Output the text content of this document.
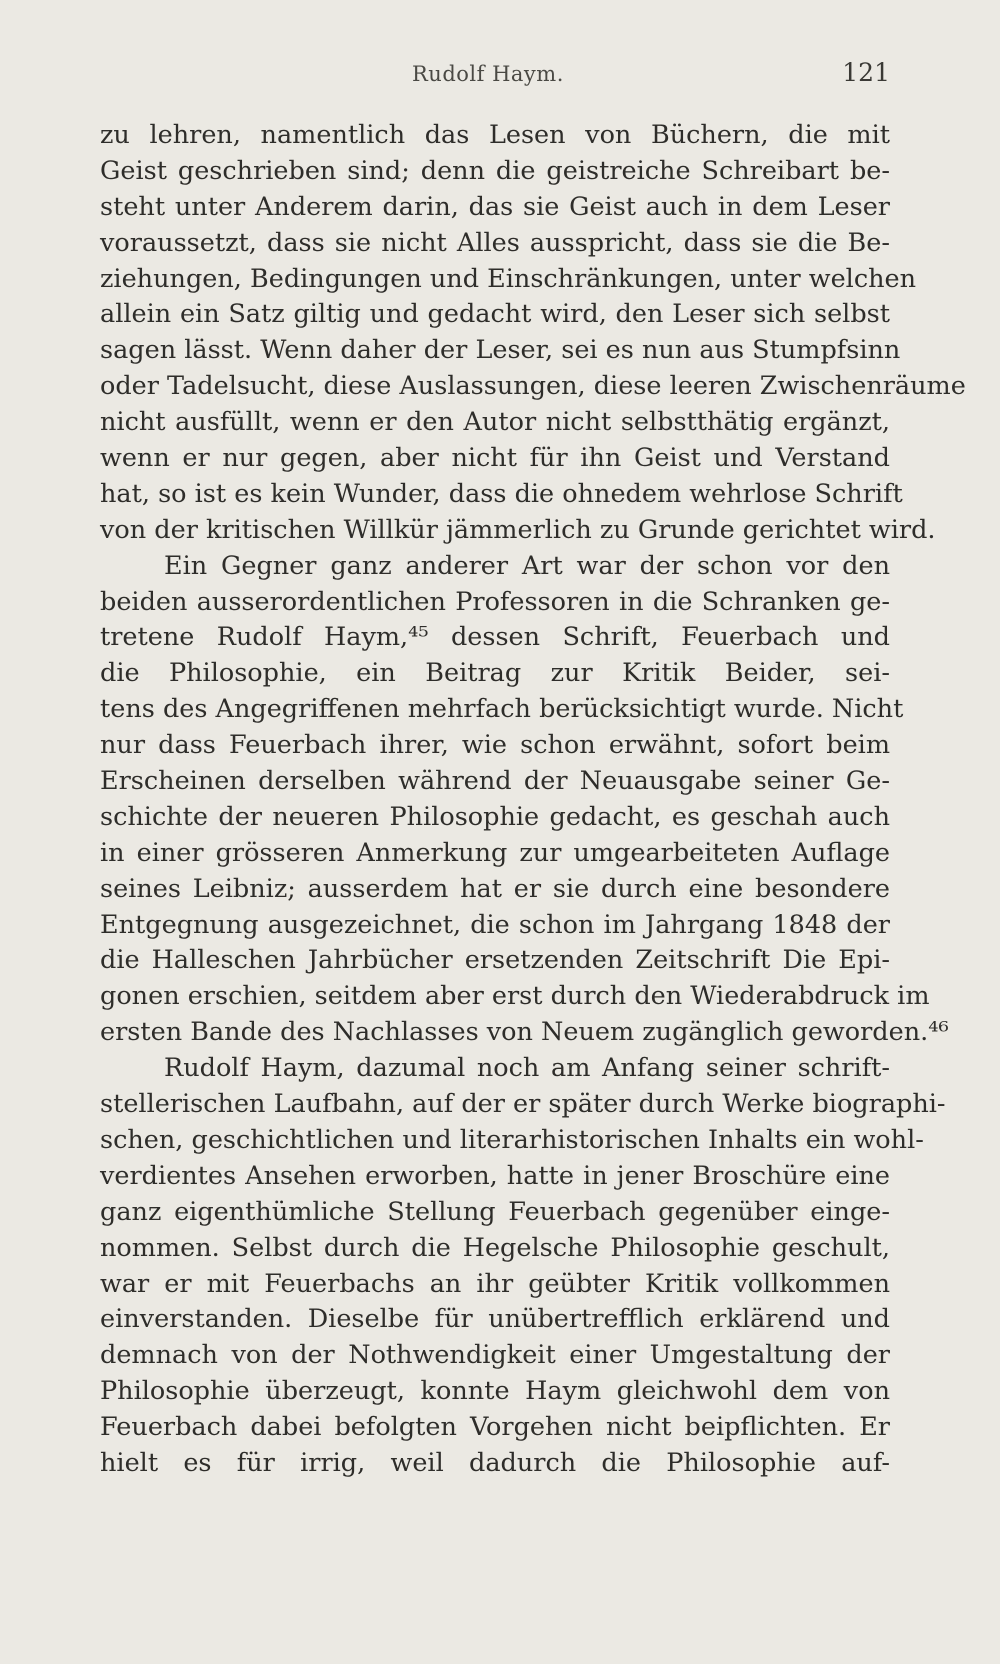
Rudolf Haym.	121
zu lehren, namentlich das Lesen von Büchern, die mit
Geist geschrieben sind; denn die geistreiche Schreibart be-
steht unter Anderem darin, das sie Geist auch in dem Leser
voraussetzt, dass sie nicht Alles ausspricht, dass sie die Be-
ziehungen, Bedingungen und Einschränkungen, unter welchen
allein ein Satz giltig und gedacht wird, den Leser sich selbst
sagen lässt. Wenn daher der Leser, sei es nun aus Stumpfsinn
oder Tadelsucht, diese Auslassungen, diese leeren Zwischenräume
nicht ausfüllt, wenn er den Autor nicht selbstthätig ergänzt,
wenn er nur gegen, aber nicht für ihn Geist und Verstand
hat, so ist es kein Wunder, dass die ohnedem wehrlose Schrift
von der kritischen Willkür jämmerlich zu Grunde gerichtet wird.
Ein Gegner ganz anderer Art war der schon vor den
beiden ausserordentlichen Professoren in die Schranken ge-
tretene Rudolf Haym,⁴⁵ dessen Schrift, Feuerbach und
die Philosophie, ein Beitrag zur Kritik Beider, sei-
tens des Angegriffenen mehrfach berücksichtigt wurde. Nicht
nur dass Feuerbach ihrer, wie schon erwähnt, sofort beim
Erscheinen derselben während der Neuausgabe seiner Ge-
schichte der neueren Philosophie gedacht, es geschah auch
in einer grösseren Anmerkung zur umgearbeiteten Auflage
seines Leibniz; ausserdem hat er sie durch eine besondere
Entgegnung ausgezeichnet, die schon im Jahrgang 1848 der
die Halleschen Jahrbücher ersetzenden Zeitschrift Die Epi-
gonen erschien, seitdem aber erst durch den Wiederabdruck im
ersten Bande des Nachlasses von Neuem zugänglich geworden.⁴⁶
Rudolf Haym, dazumal noch am Anfang seiner schrift-
stellerischen Laufbahn, auf der er später durch Werke biographi-
schen, geschichtlichen und literarhistorischen Inhalts ein wohl-
verdientes Ansehen erworben, hatte in jener Broschüre eine
ganz eigenthümliche Stellung Feuerbach gegenüber einge-
nommen. Selbst durch die Hegelsche Philosophie geschult,
war er mit Feuerbachs an ihr geübter Kritik vollkommen
einverstanden. Dieselbe für unübertrefflich erklärend und
demnach von der Nothwendigkeit einer Umgestaltung der
Philosophie überzeugt, konnte Haym gleichwohl dem von
Feuerbach dabei befolgten Vorgehen nicht beipflichten. Er
hielt es für irrig, weil dadurch die Philosophie auf-
